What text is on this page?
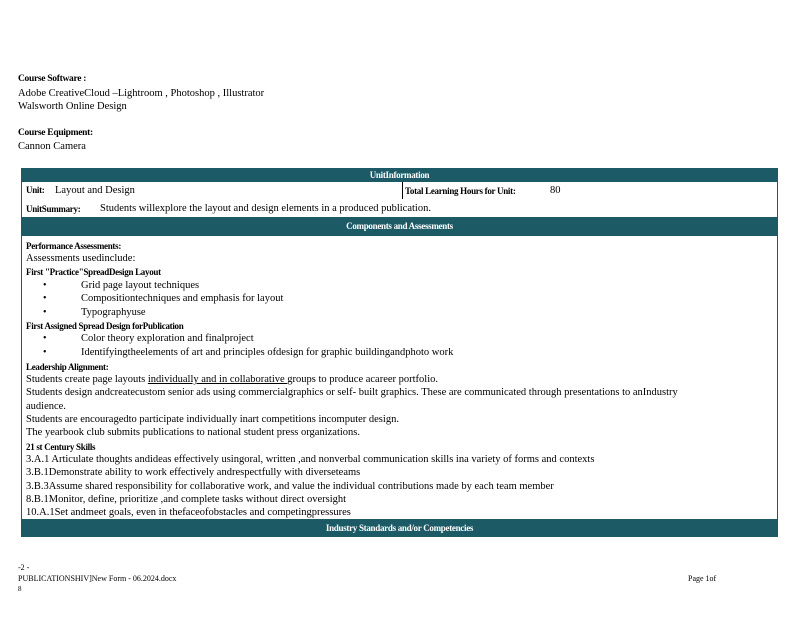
Course Software :
Adobe CreativeCloud –Lightroom , Photoshop , Illustrator
Walsworth Online Design
Course Equipment:
Cannon Camera
UnitInformation
Unit: Layout and Design	Total Learning Hours for Unit:	80
UnitSummary: Students willexplore the layout and design elements in a produced publication.
Components and Assessments
Performance Assessments:
Assessments usedinclude:
First "Practice"SpreadDesign Layout
•	Grid page layout techniques
•	Compositiontechniques and emphasis for layout
•	Typographyuse
First Assigned Spread Design forPublication
•	Color theory exploration and finalproject
•	Identifyingtheelements of art and principles ofdesign for graphic buildingandphoto work
Leadership Alignment:
Students create page layouts individually and in collaborative groups to produce acareer portfolio.
Students design andcreatecustom senior ads using commercialgraphics or self- built graphics. These are communicated through presentations to anIndustry
audience.
Students are encouragedto participate individually inart competitions incomputer design.
The yearbook club submits publications to national student press organizations.
21 st Century Skills
3.A.1 Articulate thoughts andideas effectively usingoral, written ,and nonverbal communication skills ina variety of forms and contexts
3.B.1Demonstrate ability to work effectively andrespectfully with diverseteams
3.B.3Assume shared responsibility for collaborative work, and value the individual contributions made by each team member
8.B.1Monitor, define, prioritize ,and complete tasks without direct oversight
10.A.1Set andmeet goals, even in thefaceofobstacles and competingpressures
Industry Standards and/or Competencies
-2 -
PUBLICATIONSHIV]New Form - 06.2024.docx
8
Page 1of
